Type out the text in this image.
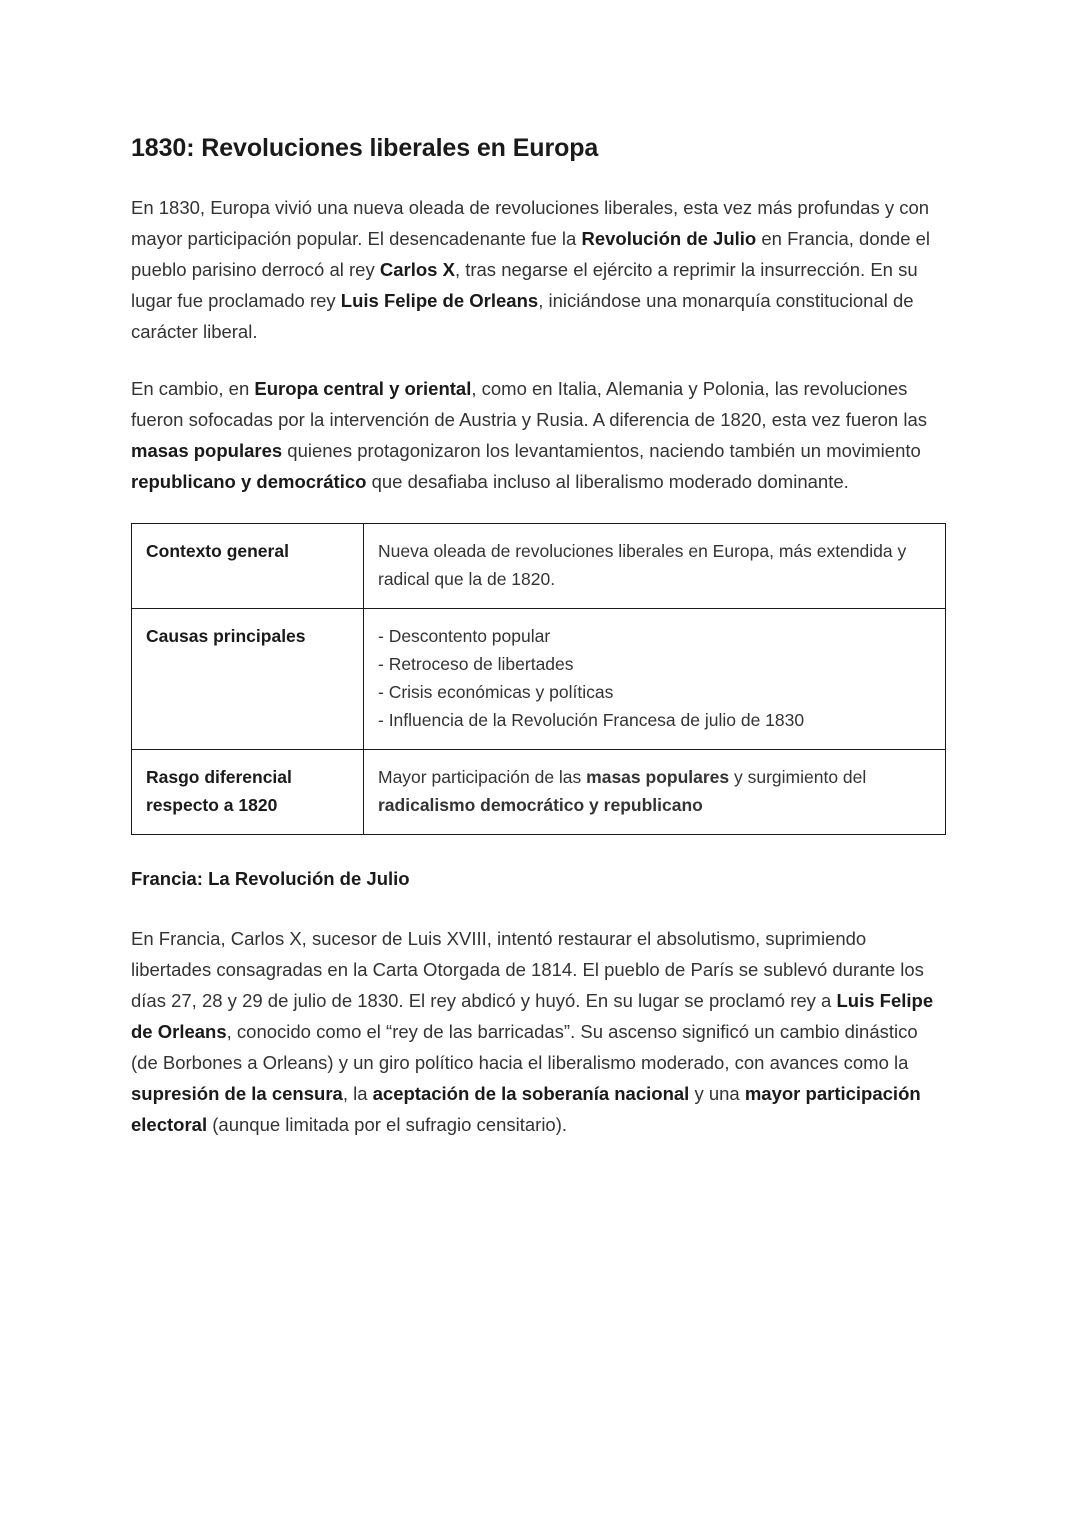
1830: Revoluciones liberales en Europa

En 1830, Europa vivió una nueva oleada de revoluciones liberales, esta vez más profundas y con mayor participación popular. El desencadenante fue la Revolución de Julio en Francia, donde el pueblo parisino derrocó al rey Carlos X, tras negarse el ejército a reprimir la insurrección. En su lugar fue proclamado rey Luis Felipe de Orleans, iniciándose una monarquía constitucional de carácter liberal.

En cambio, en Europa central y oriental, como en Italia, Alemania y Polonia, las revoluciones fueron sofocadas por la intervención de Austria y Rusia. A diferencia de 1820, esta vez fueron las masas populares quienes protagonizaron los levantamientos, naciendo también un movimiento republicano y democrático que desafiaba incluso al liberalismo moderado dominante.

Contexto general	Nueva oleada de revoluciones liberales en Europa, más extendida y radical que la de 1820.
Causas principales	- Descontento popular
- Retroceso de libertades
- Crisis económicas y políticas
- Influencia de la Revolución Francesa de julio de 1830
Rasgo diferencial respecto a 1820	Mayor participación de las masas populares y surgimiento del radicalismo democrático y republicano
Francia: La Revolución de Julio

En Francia, Carlos X, sucesor de Luis XVIII, intentó restaurar el absolutismo, suprimiendo libertades consagradas en la Carta Otorgada de 1814. El pueblo de París se sublevó durante los días 27, 28 y 29 de julio de 1830. El rey abdicó y huyó. En su lugar se proclamó rey a Luis Felipe de Orleans, conocido como el “rey de las barricadas”. Su ascenso significó un cambio dinástico (de Borbones a Orleans) y un giro político hacia el liberalismo moderado, con avances como la supresión de la censura, la aceptación de la soberanía nacional y una mayor participación electoral (aunque limitada por el sufragio censitario).
